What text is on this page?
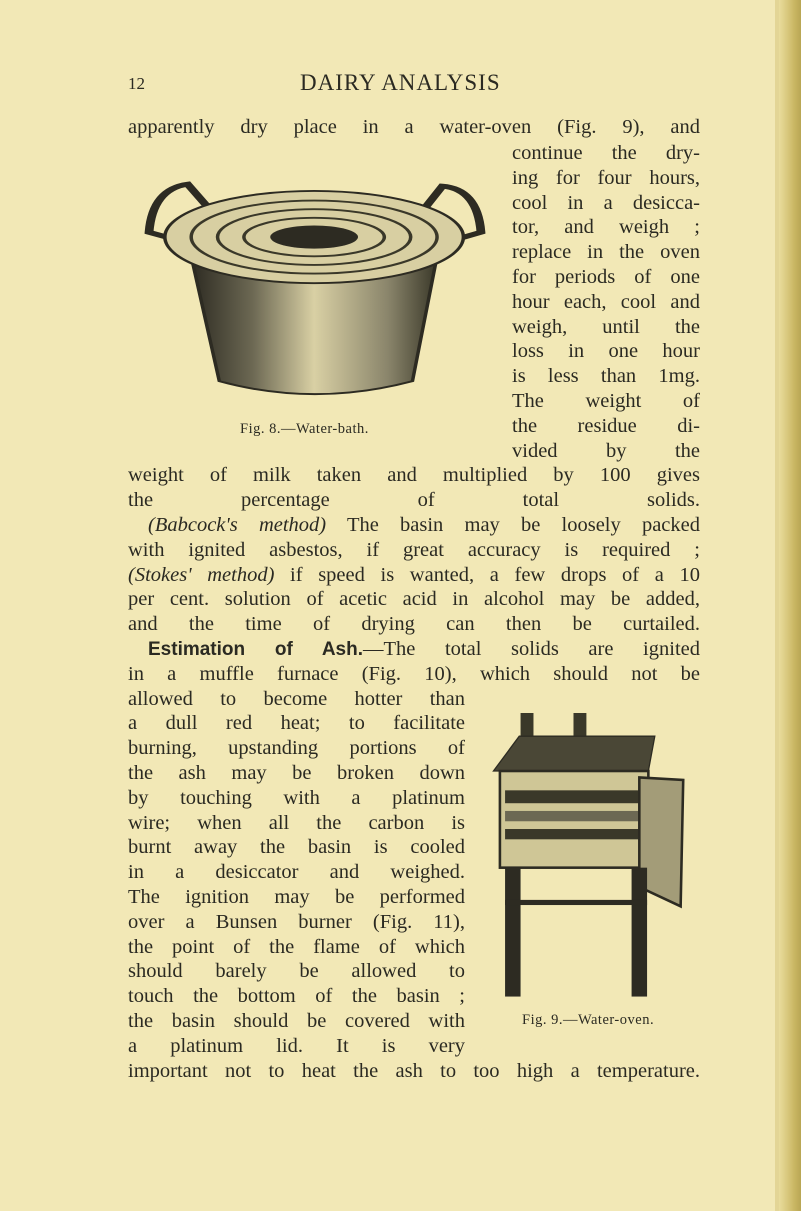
12	DAIRY ANALYSIS
apparently dry place in a water-oven (Fig. 9), and
continue the dry-
ing for four hours,
cool in a desicca-
tor, and weigh ;
replace in the oven
for periods of one
hour each, cool and
weigh, until the
loss in one hour
is less than 1mg.
The weight of
the residue di-
vided by the
weight of milk taken and multiplied by 100 gives
the percentage of total solids.
(Babcock's method) The basin may be loosely packed
with ignited asbestos, if great accuracy is required ;
(Stokes' method) if speed is wanted, a few drops of a 10
per cent. solution of acetic acid in alcohol may be added,
and the time of drying can then be curtailed.
Estimation of Ash.—The total solids are ignited
in a muffle furnace (Fig. 10), which should not be
allowed to become hotter than
a dull red heat; to facilitate
burning, upstanding portions of
the ash may be broken down
by touching with a platinum
wire; when all the carbon is
burnt away the basin is cooled
in a desiccator and weighed.
The ignition may be performed
over a Bunsen burner (Fig. 11),
the point of the flame of which
should barely be allowed to
touch the bottom of the basin ;
the basin should be covered with
a platinum lid. It is very
important not to heat the ash to too high a temperature.
Fig. 8.—Water-bath.
Fig. 9.—Water-oven.
